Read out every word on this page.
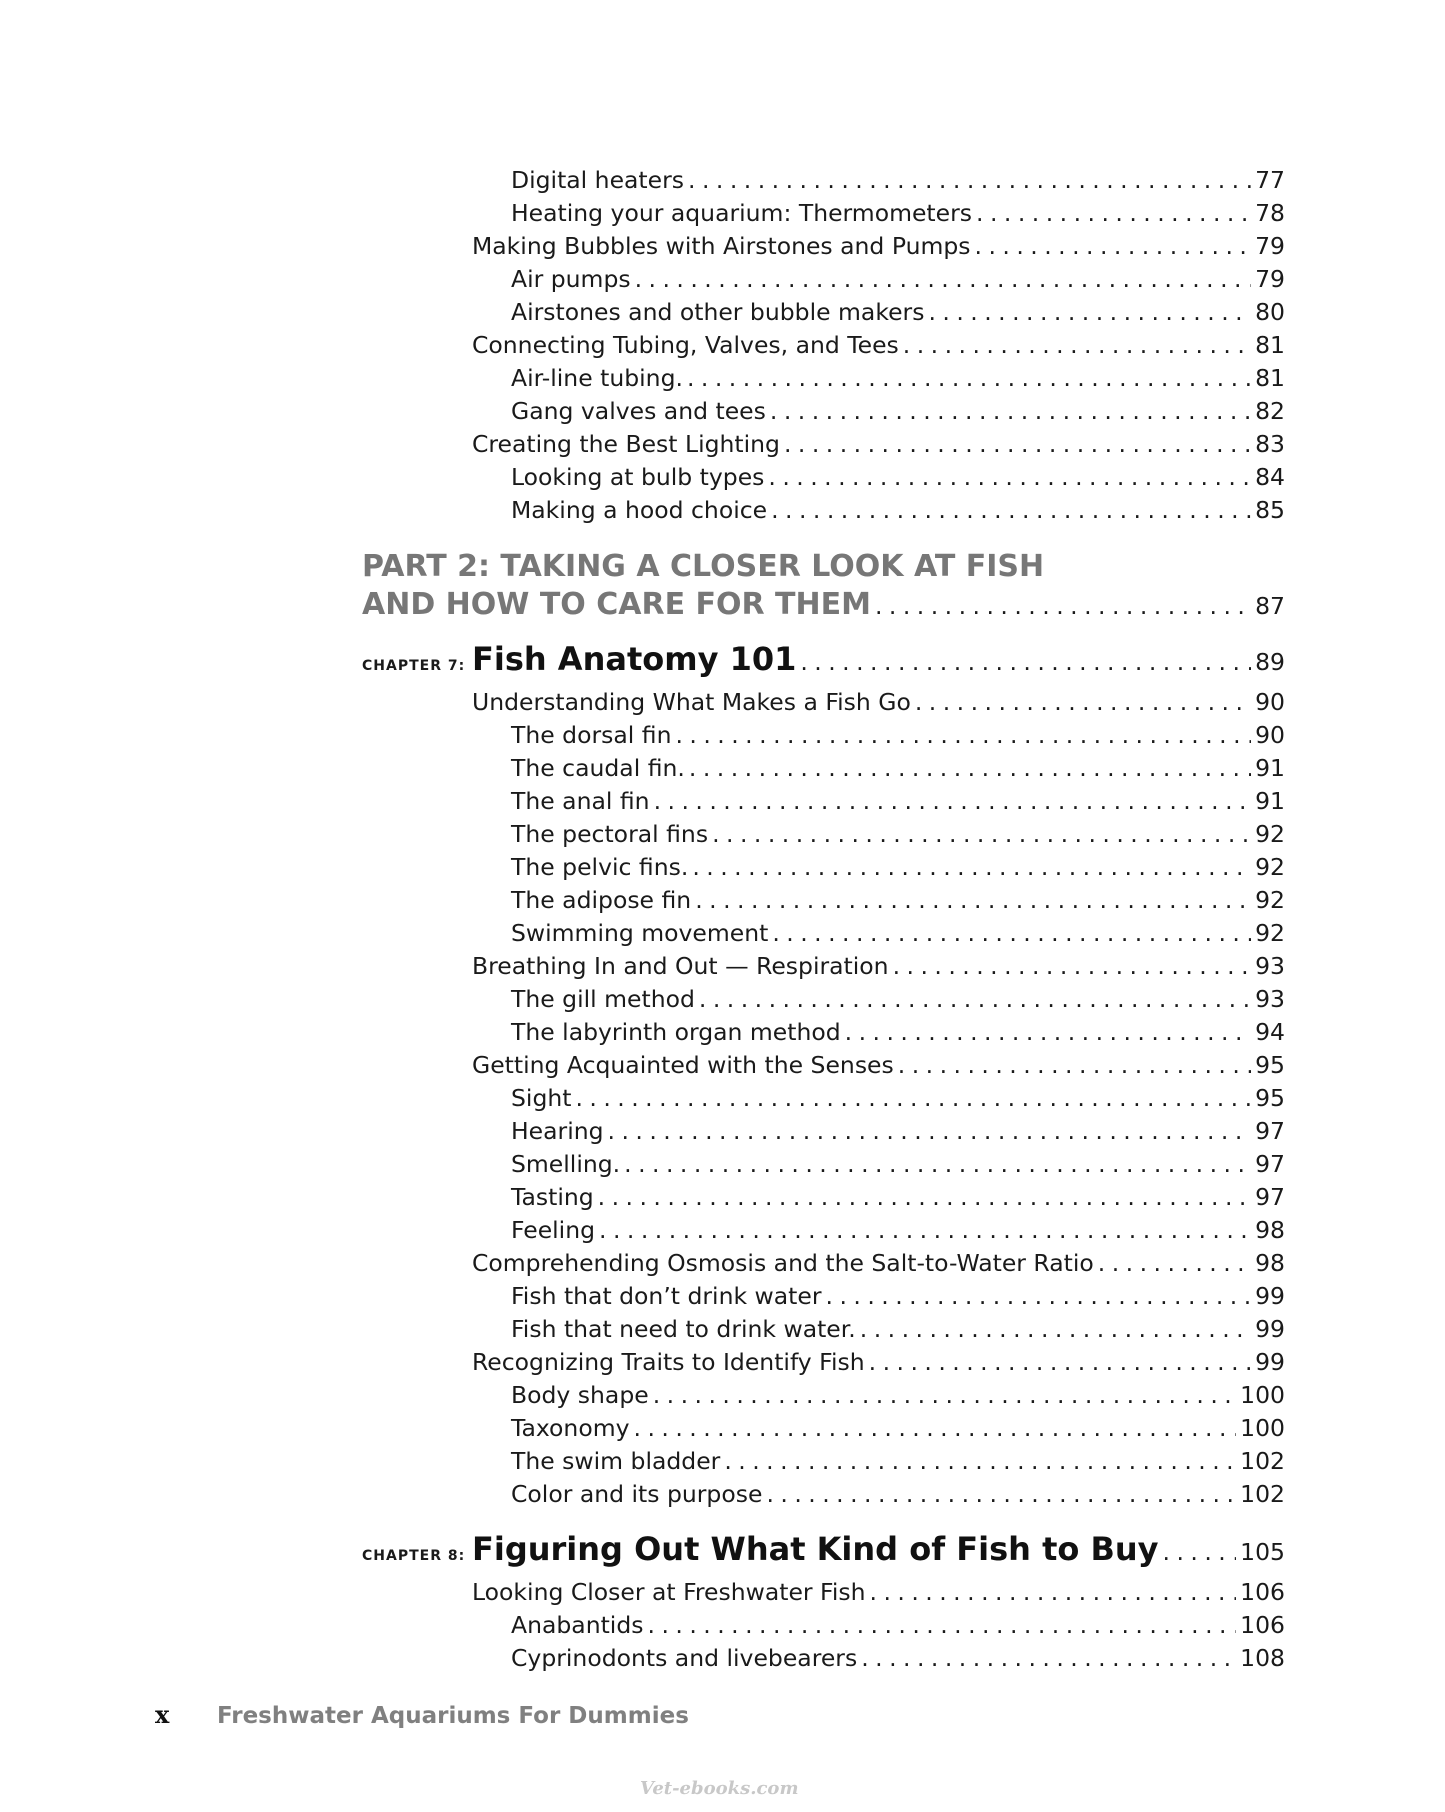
Digital heaters . . .	77
Heating your aquarium: Thermometers . . .	78
Making Bubbles with Airstones and Pumps . . .	79
Air pumps . . .	79
Airstones and other bubble makers . . .	80
Connecting Tubing, Valves, and Tees . . .	81
Air-line tubing. . . .	81
Gang valves and tees . . .	82
Creating the Best Lighting . . .	83
Looking at bulb types . . .	84
Making a hood choice . . .	85
PART 2: TAKING A CLOSER LOOK AT FISH
AND HOW TO CARE FOR THEM . . .	87
CHAPTER 7: Fish Anatomy 101 . . .	89
Understanding What Makes a Fish Go . . .	90
The dorsal fin . . .	90
The caudal fin. . . .	91
The anal fin . . .	91
The pectoral fins . . .	92
The pelvic fins. . . .	92
The adipose fin . . .	92
Swimming movement . . .	92
Breathing In and Out — Respiration . . .	93
The gill method . . .	93
The labyrinth organ method . . .	94
Getting Acquainted with the Senses . . .	95
Sight . . .	95
Hearing . . .	97
Smelling. . . .	97
Tasting . . .	97
Feeling . . .	98
Comprehending Osmosis and the Salt-to-Water Ratio . . .	98
Fish that don’t drink water . . .	99
Fish that need to drink water. . . .	99
Recognizing Traits to Identify Fish . . .	99
Body shape . . .	100
Taxonomy . . .	100
The swim bladder . . .	102
Color and its purpose . . .	102
CHAPTER 8: Figuring Out What Kind of Fish to Buy . . .	105
Looking Closer at Freshwater Fish . . .	106
Anabantids . . .	106
Cyprinodonts and livebearers . . .	108
x	Freshwater Aquariums For Dummies
Vet-ebooks.com
